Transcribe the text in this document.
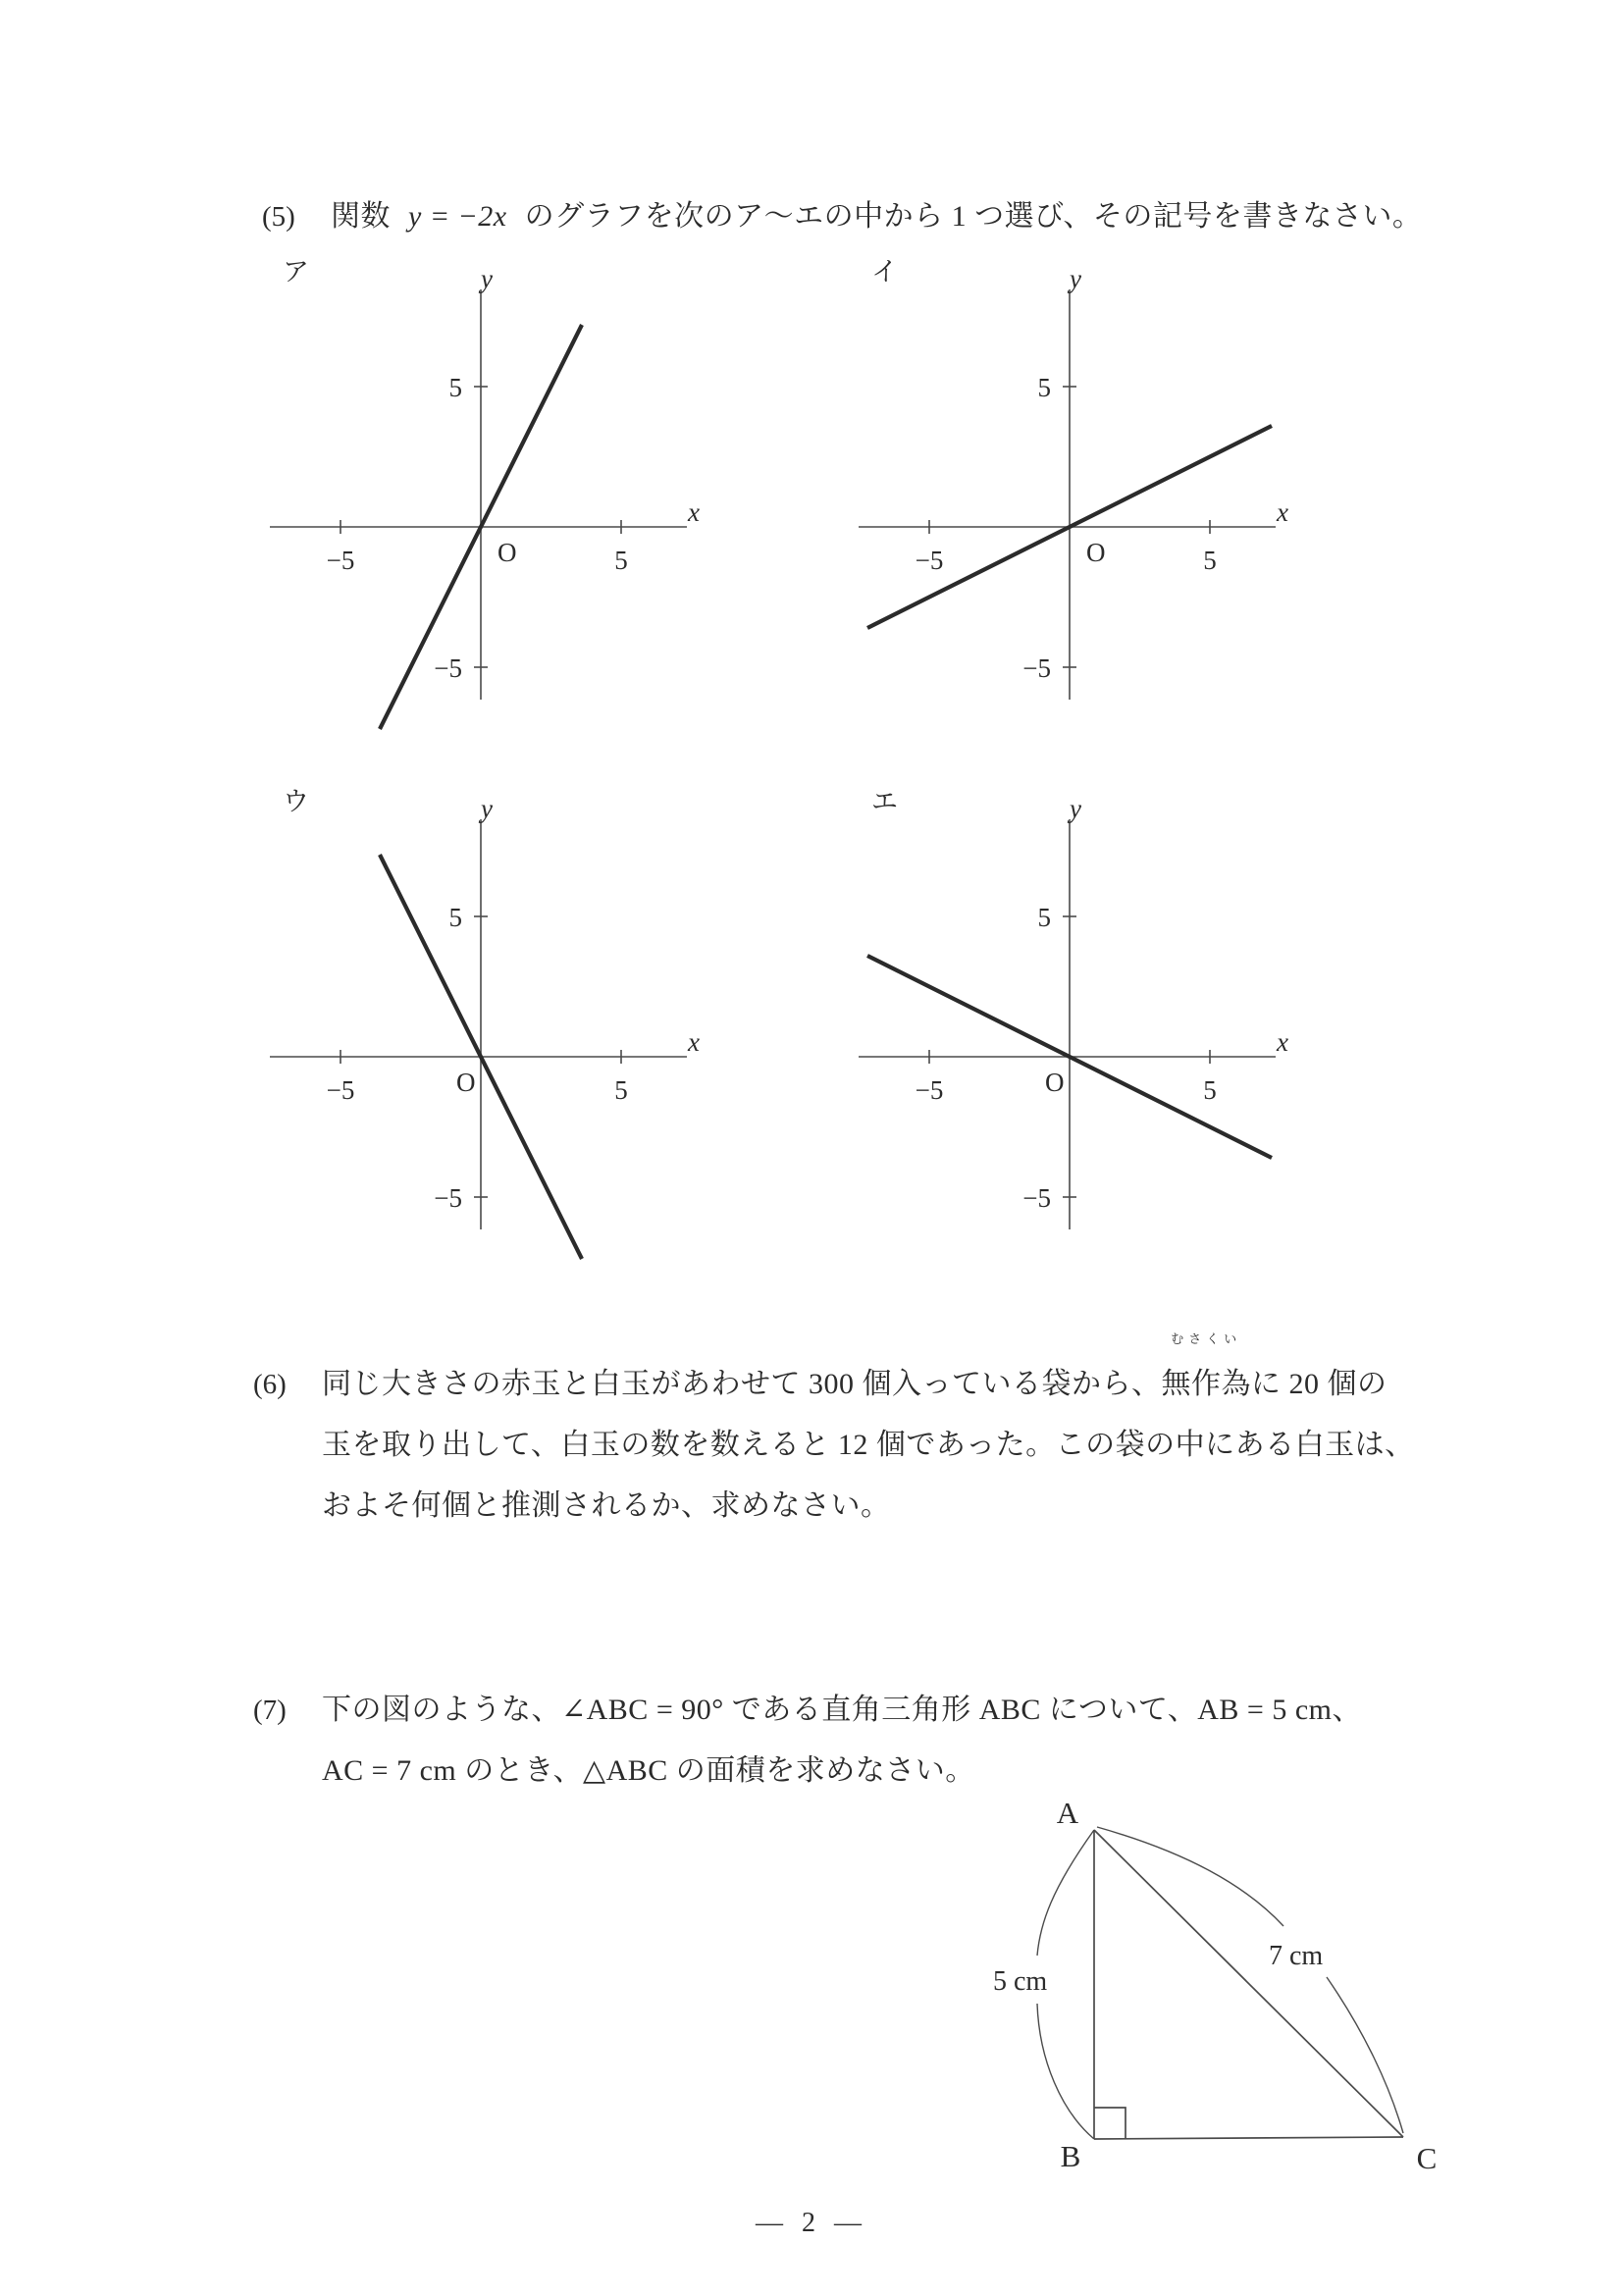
(5) 関数 y = −2x のグラフを次のア〜エの中から 1 つ選び、その記号を書きなさい。
ア
x
y
O
−5	5
5
−5
イ
x
y
O
−5	5
5
−5
ウ
x
y
O
−5	5
5
−5
エ
x
y
O
−5	5
5
−5
(6) 同じ大きさの赤玉と白玉があわせて 300 個入っている袋から、
むさくい
無作為に 20 個の
玉を取り出して、白玉の数を数えると 12 個であった。この袋の中にある白玉は、
およそ何個と推測されるか、求めなさい。
(7) 下の図のような、∠ABC = 90° である直角三角形 ABC について、AB = 5 cm、
AC = 7 cm のとき、△ABC の面積を求めなさい。
A
B	C
5 cm
7 cm
— 2 —
